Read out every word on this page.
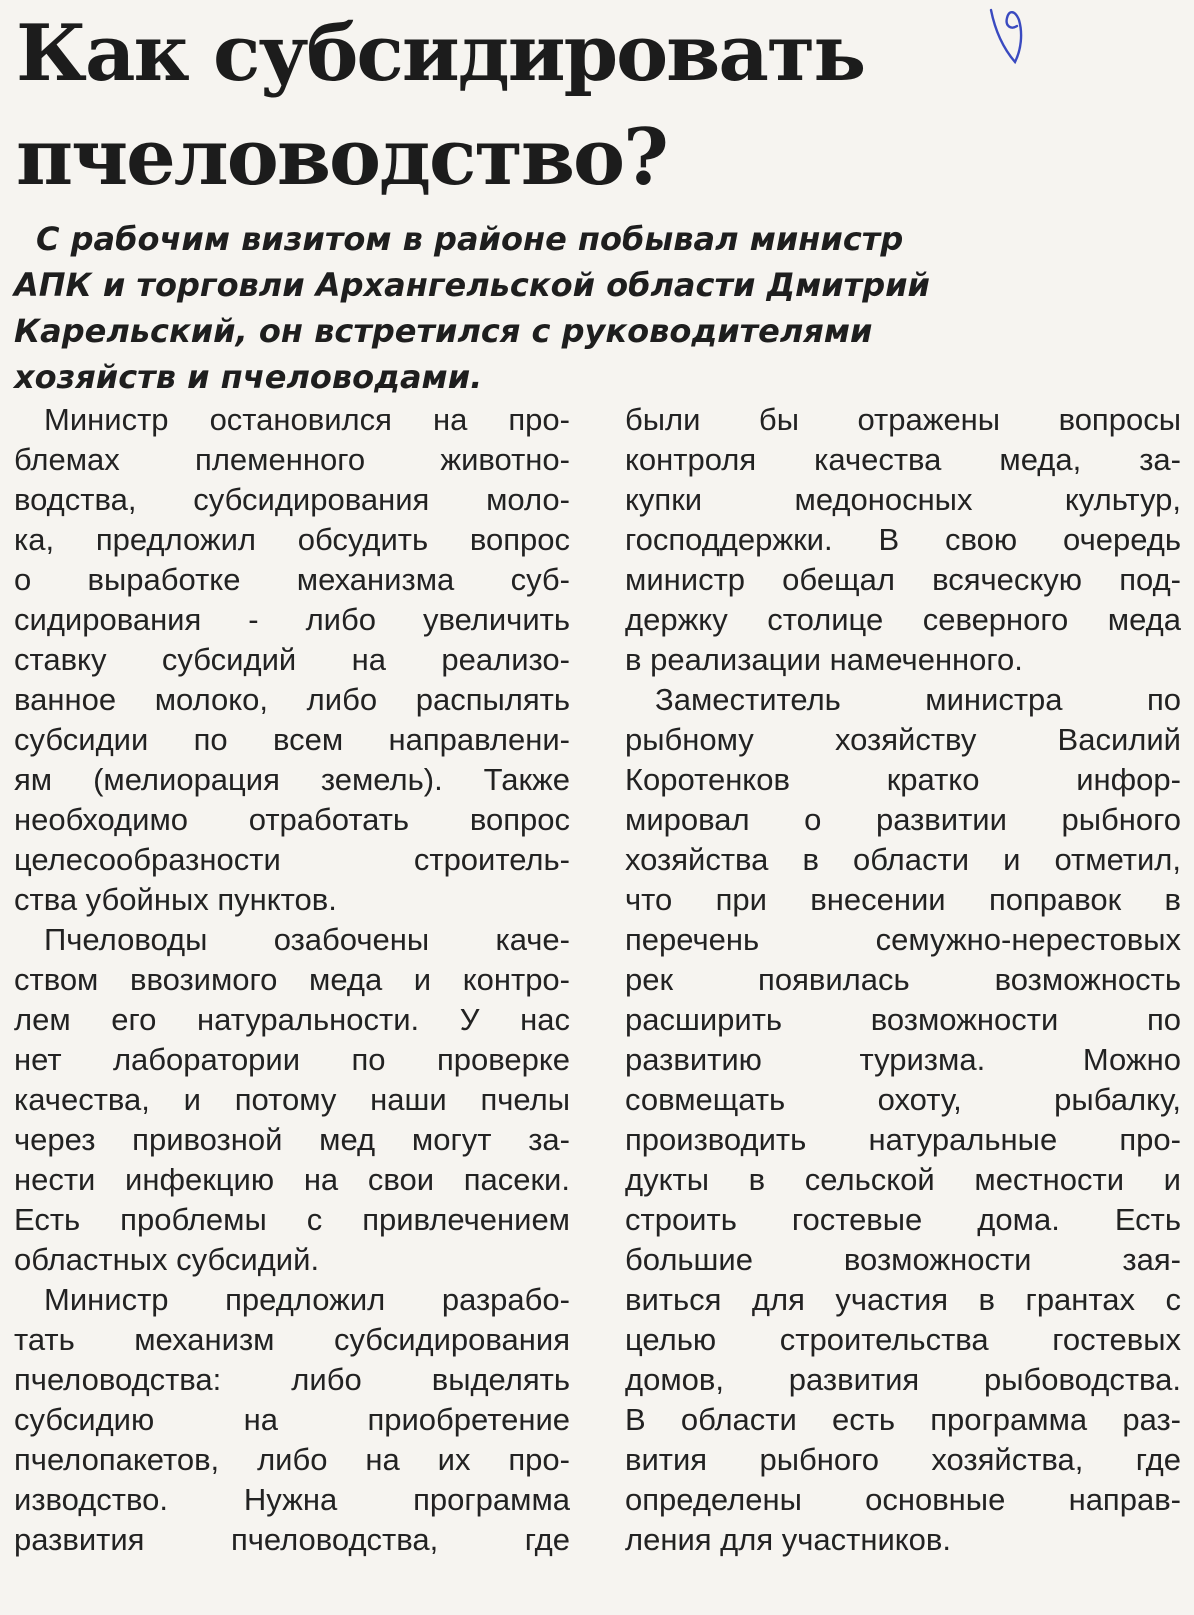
Как субсидировать
пчеловодство?
С рабочим визитом в районе побывал министр
АПК и торговли Архангельской области Дмитрий
Карельский, он встретился с руководителями
хозяйств и пчеловодами.
Министр остановился на про-
блемах племенного животно-
водства, субсидирования моло-
ка, предложил обсудить вопрос
о выработке механизма суб-
сидирования - либо увеличить
ставку субсидий на реализо-
ванное молоко, либо распылять
субсидии по всем направлени-
ям (мелиорация земель). Также
необходимо отработать вопрос
целесообразности строитель-
ства убойных пунктов.
Пчеловоды озабочены каче-
ством ввозимого меда и контро-
лем его натуральности. У нас
нет лаборатории по проверке
качества, и потому наши пчелы
через привозной мед могут за-
нести инфекцию на свои пасеки.
Есть проблемы с привлечением
областных субсидий.
Министр предложил разрабо-
тать механизм субсидирования
пчеловодства: либо выделять
субсидию на приобретение
пчелопакетов, либо на их про-
изводство. Нужна программа
развития пчеловодства, где
были бы отражены вопросы
контроля качества меда, за-
купки медоносных культур,
господдержки. В свою очередь
министр обещал всяческую под-
держку столице северного меда
в реализации намеченного.
Заместитель министра по
рыбному хозяйству Василий
Коротенков кратко инфор-
мировал о развитии рыбного
хозяйства в области и отметил,
что при внесении поправок в
перечень семужно-нерестовых
рек появилась возможность
расширить возможности по
развитию туризма. Можно
совмещать охоту, рыбалку,
производить натуральные про-
дукты в сельской местности и
строить гостевые дома. Есть
большие возможности зая-
виться для участия в грантах с
целью строительства гостевых
домов, развития рыбоводства.
В области есть программа раз-
вития рыбного хозяйства, где
определены основные направ-
ления для участников.
